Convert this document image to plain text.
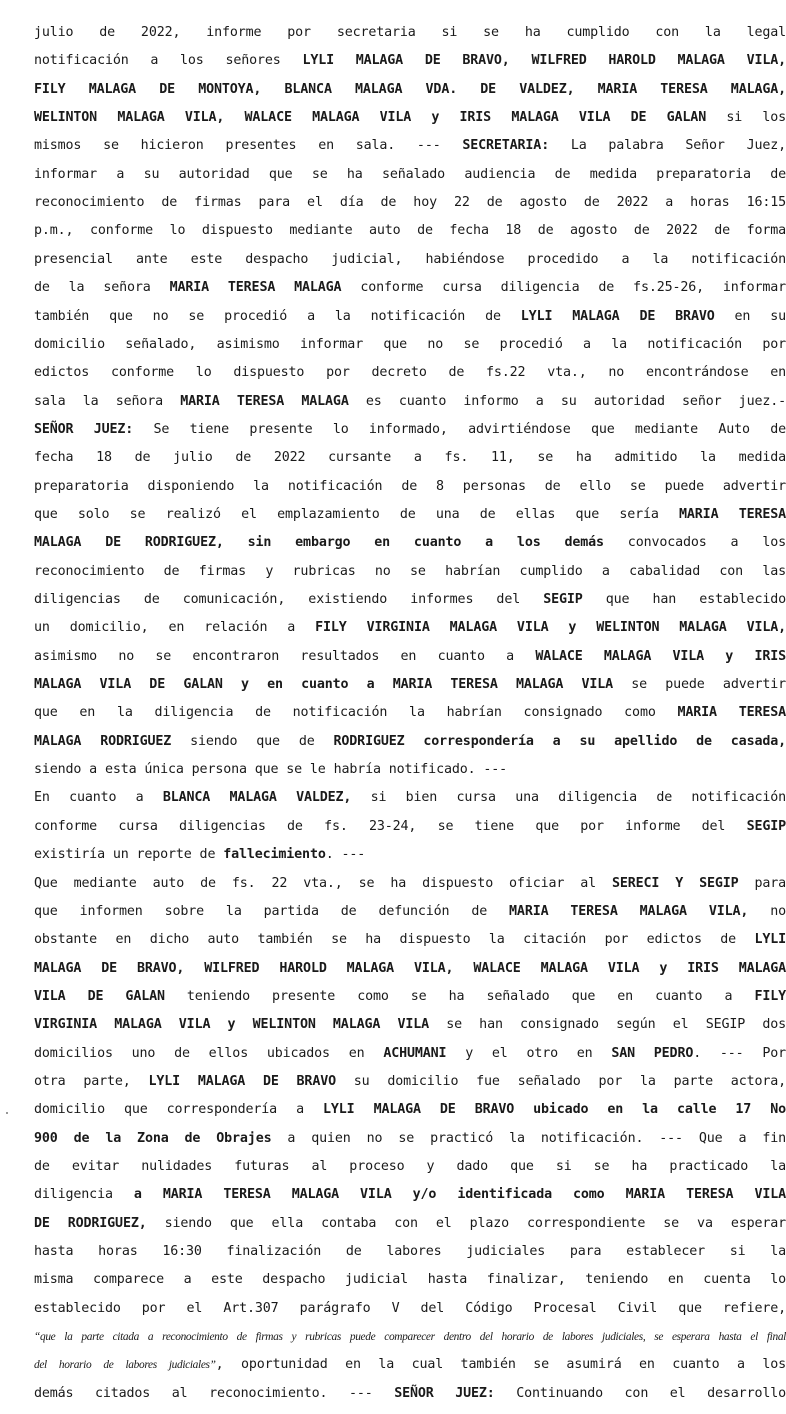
julio de 2022, informe por secretaria si se ha cumplido con la legal
notificación a los señores LYLI MALAGA DE BRAVO, WILFRED HAROLD MALAGA VILA,
FILY MALAGA DE MONTOYA, BLANCA MALAGA VDA. DE VALDEZ, MARIA TERESA MALAGA,
WELINTON MALAGA VILA, WALACE MALAGA VILA y IRIS MALAGA VILA DE GALAN si los
mismos se hicieron presentes en sala. --- SECRETARIA: La palabra Señor Juez,
informar a su autoridad que se ha señalado audiencia de medida preparatoria de
reconocimiento de firmas para el día de hoy 22 de agosto de 2022 a horas 16:15
p.m., conforme lo dispuesto mediante auto de fecha 18 de agosto de 2022 de forma
presencial ante este despacho judicial, habiéndose procedido a la notificación
de la señora MARIA TERESA MALAGA conforme cursa diligencia de fs.25-26, informar
también que no se procedió a la notificación de LYLI MALAGA DE BRAVO en su
domicilio señalado, asimismo informar que no se procedió a la notificación por
edictos conforme lo dispuesto por decreto de fs.22 vta., no encontrándose en
sala la señora MARIA TERESA MALAGA es cuanto informo a su autoridad señor juez.-
SEÑOR JUEZ: Se tiene presente lo informado, advirtiéndose que mediante Auto de
fecha 18 de julio de 2022 cursante a fs. 11, se ha admitido la medida
preparatoria disponiendo la notificación de 8 personas de ello se puede advertir
que solo se realizó el emplazamiento de una de ellas que sería MARIA TERESA
MALAGA DE RODRIGUEZ, sin embargo en cuanto a los demás convocados a los
reconocimiento de firmas y rubricas no se habrían cumplido a cabalidad con las
diligencias de comunicación, existiendo informes del SEGIP que han establecido
un domicilio, en relación a FILY VIRGINIA MALAGA VILA y WELINTON MALAGA VILA,
asimismo no se encontraron resultados en cuanto a WALACE MALAGA VILA y IRIS
MALAGA VILA DE GALAN y en cuanto a MARIA TERESA MALAGA VILA se puede advertir
que en la diligencia de notificación la habrían consignado como MARIA TERESA
MALAGA RODRIGUEZ siendo que de RODRIGUEZ correspondería a su apellido de casada,
siendo a esta única persona que se le habría notificado. ---
En cuanto a BLANCA MALAGA VALDEZ, si bien cursa una diligencia de notificación
conforme cursa diligencias de fs. 23-24, se tiene que por informe del SEGIP
existiría un reporte de fallecimiento. ---
Que mediante auto de fs. 22 vta., se ha dispuesto oficiar al SERECI Y SEGIP para
que informen sobre la partida de defunción de MARIA TERESA MALAGA VILA, no
obstante en dicho auto también se ha dispuesto la citación por edictos de LYLI
MALAGA DE BRAVO, WILFRED HAROLD MALAGA VILA, WALACE MALAGA VILA y IRIS MALAGA
VILA DE GALAN teniendo presente como se ha señalado que en cuanto a FILY
VIRGINIA MALAGA VILA y WELINTON MALAGA VILA se han consignado según el SEGIP dos
domicilios uno de ellos ubicados en ACHUMANI y el otro en SAN PEDRO. --- Por
otra parte, LYLI MALAGA DE BRAVO su domicilio fue señalado por la parte actora,
domicilio que correspondería a LYLI MALAGA DE BRAVO ubicado en la calle 17 No
900 de la Zona de Obrajes a quien no se practicó la notificación. --- Que a fin
de evitar nulidades futuras al proceso y dado que si se ha practicado la
diligencia a MARIA TERESA MALAGA VILA y/o identificada como MARIA TERESA VILA
DE RODRIGUEZ, siendo que ella contaba con el plazo correspondiente se va esperar
hasta horas 16:30 finalización de labores judiciales para establecer si la
misma comparece a este despacho judicial hasta finalizar, teniendo en cuenta lo
establecido por el Art.307 parágrafo V del Código Procesal Civil que refiere,
“que la parte citada a reconocimiento de firmas y rubricas puede comparecer dentro del horario de labores judiciales, se esperara hasta el final
del horario de labores judiciales”, oportunidad en la cual también se asumirá en cuanto a los
demás citados al reconocimiento. --- SEÑOR JUEZ: Continuando con el desarrollo
